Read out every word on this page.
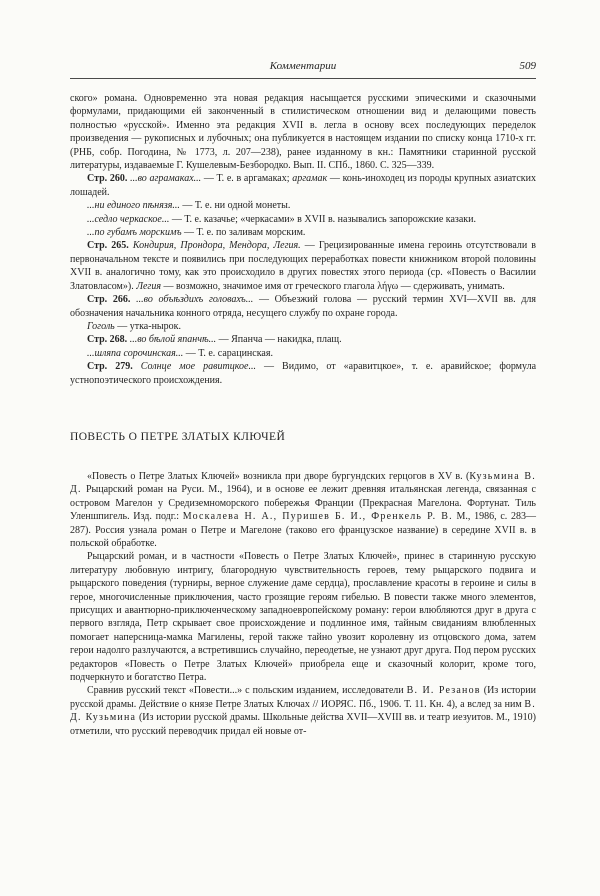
Комментарии	509

ского» романа. Одновременно эта новая редакция насыщается русскими эпическими и сказочными формулами, придающими ей законченный в стилистическом отношении вид и делающими повесть полностью «русской». Именно эта редакция XVII в. легла в основу всех последующих переделок произведения — рукописных и лубочных; она публикуется в настоящем издании по списку конца 1710-х гг. (РНБ, собр. Погодина, № 1773, л. 207—238), ранее изданному в кн.: Памятники старинной русской литературы, издаваемые Г. Кушелевым-Безбородко. Вып. II. СПб., 1860. С. 325—339.

Стр. 260. ...во аграмаках... — Т. е. в аргамаках; аргамак — конь-иноходец из породы крупных азиатских лошадей.

...ни единого пѣнязя... — Т. е. ни одной монеты.

...седло черкаское... — Т. е. казачье; «черкасами» в XVII в. назывались запорожские казаки.

...по губамъ морскимъ — Т. е. по заливам морским.

Стр. 265. Кондирия, Прондора, Мендора, Легия. — Грецизированные имена героинь отсутствовали в первоначальном тексте и появились при последующих переработках повести книжником второй половины XVII в. аналогично тому, как это происходило в других повестях этого периода (ср. «Повесть о Василии Златовласом»). Легия — возможно, значимое имя от греческого глагола λήγω — сдерживать, унимать.

Стр. 266. ...во объѣздихъ головахъ... — Объезжий голова — русский термин XVI—XVII вв. для обозначения начальника конного отряда, несущего службу по охране города.

Гоголь — утка-нырок.

Стр. 268. ...во бѣлой япанчѣ... — Япанча — накидка, плащ.

...шляпа сорочинская... — Т. е. сарацинская.

Стр. 279. Солнце мое равитцкое... — Видимо, от «аравитцкое», т. е. аравийское; формула устнопоэтического происхождения.

ПОВЕСТЬ О ПЕТРЕ ЗЛАТЫХ КЛЮЧЕЙ

«Повесть о Петре Златых Ключей» возникла при дворе бургундских герцогов в XV в. (Кузьмина В. Д. Рыцарский роман на Руси. М., 1964), и в основе ее лежит древняя итальянская легенда, связанная с островом Магелон у Средиземноморского побережья Франции (Прекрасная Магелона. Фортунат. Тиль Уленшпигель. Изд. подг.: Москалева Н. А., Пуришев Б. И., Френкель Р. В. М., 1986, с. 283—287). Россия узнала роман о Петре и Магелоне (таково его французское название) в середине XVII в. в польской обработке.

Рыцарский роман, и в частности «Повесть о Петре Златых Ключей», принес в старинную русскую литературу любовную интригу, благородную чувствительность героев, тему рыцарского подвига и рыцарского поведения (турниры, верное служение даме сердца), прославление красоты в героине и силы в герое, многочисленные приключения, часто грозящие героям гибелью. В повести также много элементов, присущих и авантюрно-приключенческому западноевропейскому роману: герои влюбляются друг в друга с первого взгляда, Петр скрывает свое происхождение и подлинное имя, тайным свиданиям влюбленных помогает наперсница-мамка Магилены, герой также тайно увозит королевну из отцовского дома, затем герои надолго разлучаются, а встретившись случайно, переодетые, не узнают друг друга. Под пером русских редакторов «Повесть о Петре Златых Ключей» приобрела еще и сказочный колорит, кроме того, подчеркнуто и богатство Петра.

Сравнив русский текст «Повести...» с польским изданием, исследователи В. И. Резанов (Из истории русской драмы. Действие о князе Петре Златых Ключах // ИОРЯС. Пб., 1906. Т. 11. Кн. 4), а вслед за ним В. Д. Кузьмина (Из истории русской драмы. Школьные действа XVII—XVIII вв. и театр иезуитов. М., 1910) отметили, что русский переводчик придал ей новые от-
